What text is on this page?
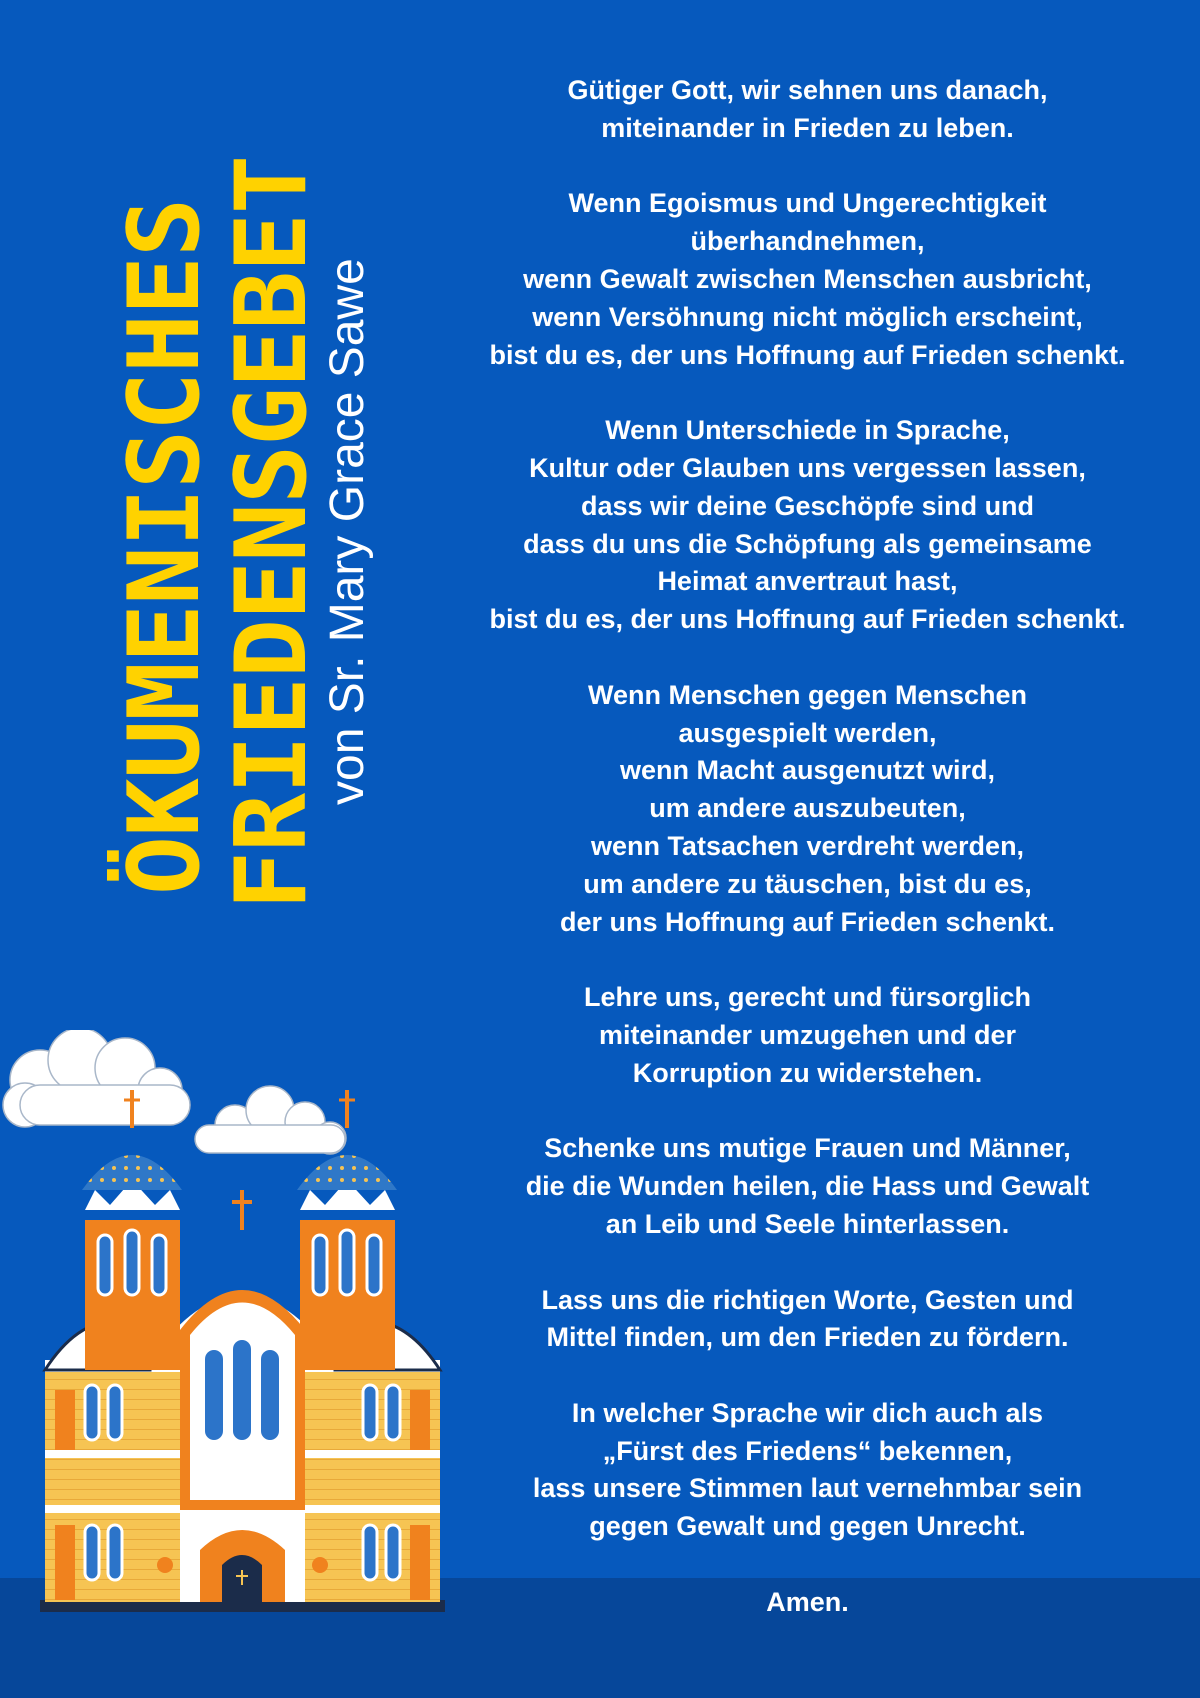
ÖKUMENISCHES
FRIEDENSGEBET
von Sr. Mary Grace Sawe

Gütiger Gott, wir sehnen uns danach,
miteinander in Frieden zu leben.

Wenn Egoismus und Ungerechtigkeit
überhandnehmen,
wenn Gewalt zwischen Menschen ausbricht,
wenn Versöhnung nicht möglich erscheint,
bist du es, der uns Hoffnung auf Frieden schenkt.

Wenn Unterschiede in Sprache,
Kultur oder Glauben uns vergessen lassen,
dass wir deine Geschöpfe sind und
dass du uns die Schöpfung als gemeinsame
Heimat anvertraut hast,
bist du es, der uns Hoffnung auf Frieden schenkt.

Wenn Menschen gegen Menschen
ausgespielt werden,
wenn Macht ausgenutzt wird,
um andere auszubeuten,
wenn Tatsachen verdreht werden,
um andere zu täuschen, bist du es,
der uns Hoffnung auf Frieden schenkt.

Lehre uns, gerecht und fürsorglich
miteinander umzugehen und der
Korruption zu widerstehen.

Schenke uns mutige Frauen und Männer,
die die Wunden heilen, die Hass und Gewalt
an Leib und Seele hinterlassen.

Lass uns die richtigen Worte, Gesten und
Mittel finden, um den Frieden zu fördern.

In welcher Sprache wir dich auch als
„Fürst des Friedens“ bekennen,
lass unsere Stimmen laut vernehmbar sein
gegen Gewalt und gegen Unrecht.

Amen.
